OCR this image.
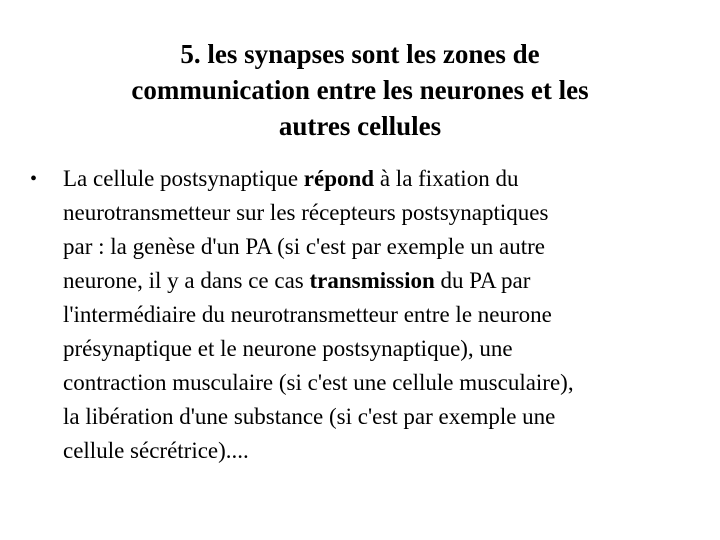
5. les synapses sont les zones de
communication entre les neurones et les
autres cellules
• La cellule postsynaptique répond à la fixation du
neurotransmetteur sur les récepteurs postsynaptiques
par : la genèse d'un PA (si c'est par exemple un autre
neurone, il y a dans ce cas transmission du PA par
l'intermédiaire du neurotransmetteur entre le neurone
présynaptique et le neurone postsynaptique), une
contraction musculaire (si c'est une cellule musculaire),
la libération d'une substance (si c'est par exemple une
cellule sécrétrice)....
